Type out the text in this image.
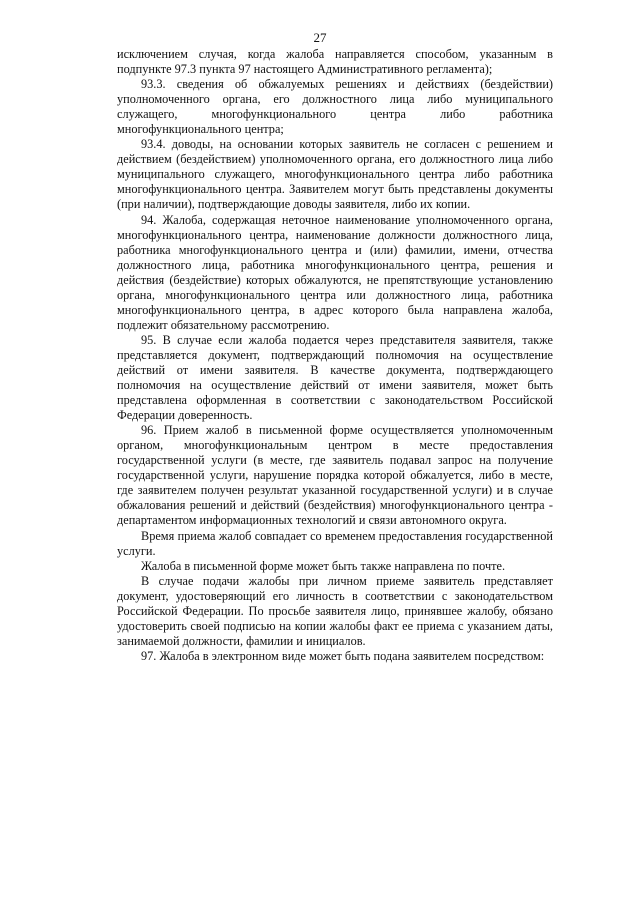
27

исключением случая, когда жалоба направляется способом, указанным в подпункте 97.3 пункта 97 настоящего Административного регламента);

93.3. сведения об обжалуемых решениях и действиях (бездействии) уполномоченного органа, его должностного лица либо муниципального служащего, многофункционального центра либо работника многофункционального центра;

93.4. доводы, на основании которых заявитель не согласен с решением и действием (бездействием) уполномоченного органа, его должностного лица либо муниципального служащего, многофункционального центра либо работника многофункционального центра. Заявителем могут быть представлены документы (при наличии), подтверждающие доводы заявителя, либо их копии.

94. Жалоба, содержащая неточное наименование уполномоченного органа, многофункционального центра, наименование должности должностного лица, работника многофункционального центра и (или) фамилии, имени, отчества должностного лица, работника многофункционального центра, решения и действия (бездействие) которых обжалуются, не препятствующие установлению органа, многофункционального центра или должностного лица, работника многофункционального центра, в адрес которого была направлена жалоба, подлежит обязательному рассмотрению.

95. В случае если жалоба подается через представителя заявителя, также представляется документ, подтверждающий полномочия на осуществление действий от имени заявителя. В качестве документа, подтверждающего полномочия на осуществление действий от имени заявителя, может быть представлена оформленная в соответствии с законодательством Российской Федерации доверенность.

96. Прием жалоб в письменной форме осуществляется уполномоченным органом, многофункциональным центром в месте предоставления государственной услуги (в месте, где заявитель подавал запрос на получение государственной услуги, нарушение порядка которой обжалуется, либо в месте, где заявителем получен результат указанной государственной услуги) и в случае обжалования решений и действий (бездействия) многофункционального центра - департаментом информационных технологий и связи автономного округа.

Время приема жалоб совпадает со временем предоставления государственной услуги.

Жалоба в письменной форме может быть также направлена по почте.

В случае подачи жалобы при личном приеме заявитель представляет документ, удостоверяющий его личность в соответствии с законодательством Российской Федерации. По просьбе заявителя лицо, принявшее жалобу, обязано удостоверить своей подписью на копии жалобы факт ее приема с указанием даты, занимаемой должности, фамилии и инициалов.

97. Жалоба в электронном виде может быть подана заявителем посредством:
